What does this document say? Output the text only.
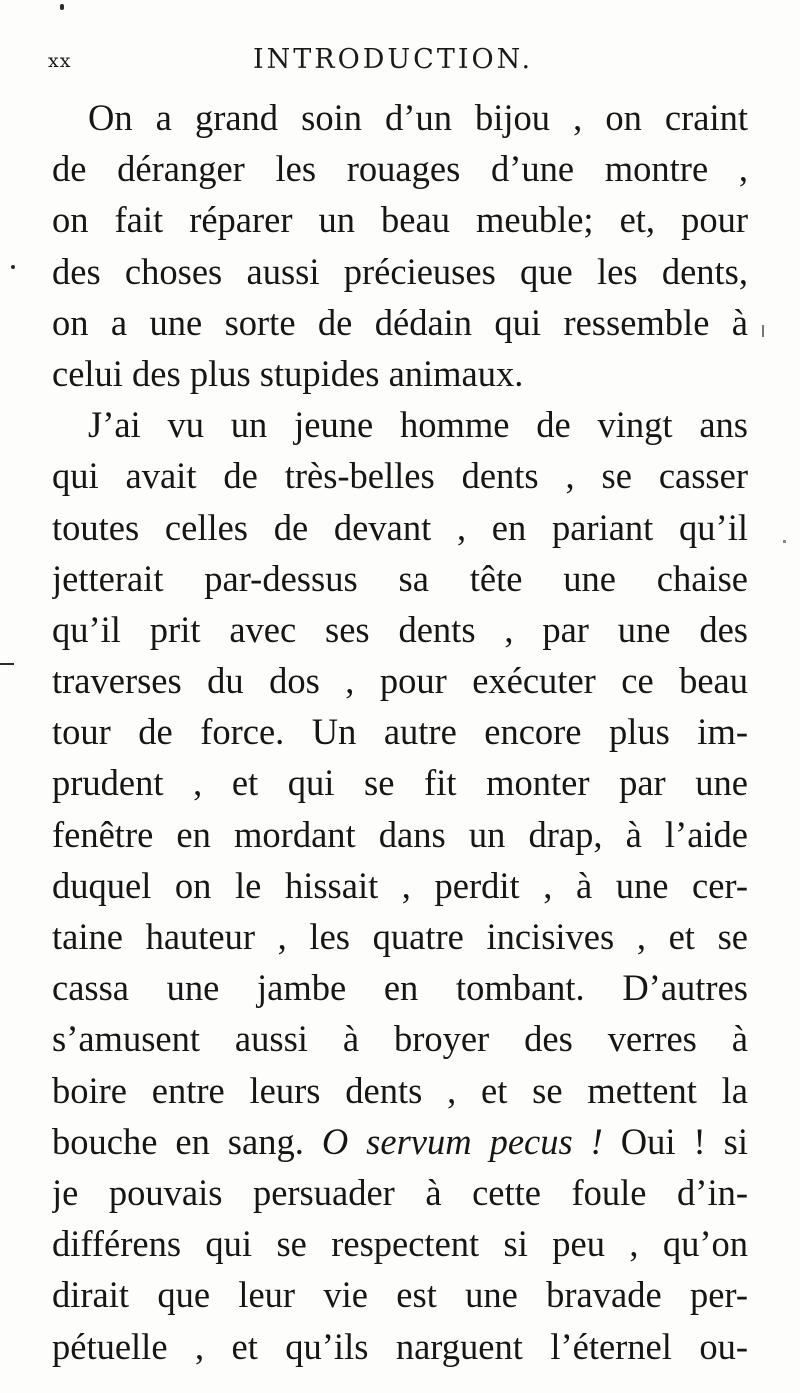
xx	INTRODUCTION.
On a grand soin d’un bijou , on craint
de déranger les rouages d’une montre ,
on fait réparer un beau meuble; et, pour
des choses aussi précieuses que les dents,
on a une sorte de dédain qui ressemble à
celui des plus stupides animaux.
J’ai vu un jeune homme de vingt ans
qui avait de très-belles dents , se casser
toutes celles de devant , en pariant qu’il
jetterait par-dessus sa tête une chaise
qu’il prit avec ses dents , par une des
traverses du dos , pour exécuter ce beau
tour de force. Un autre encore plus im-
prudent , et qui se fit monter par une
fenêtre en mordant dans un drap, à l’aide
duquel on le hissait , perdit , à une cer-
taine hauteur , les quatre incisives , et se
cassa une jambe en tombant. D’autres
s’amusent aussi à broyer des verres à
boire entre leurs dents , et se mettent la
bouche en sang. O servum pecus ! Oui ! si
je pouvais persuader à cette foule d’in-
différens qui se respectent si peu , qu’on
dirait que leur vie est une bravade per-
pétuelle , et qu’ils narguent l’éternel ou-
